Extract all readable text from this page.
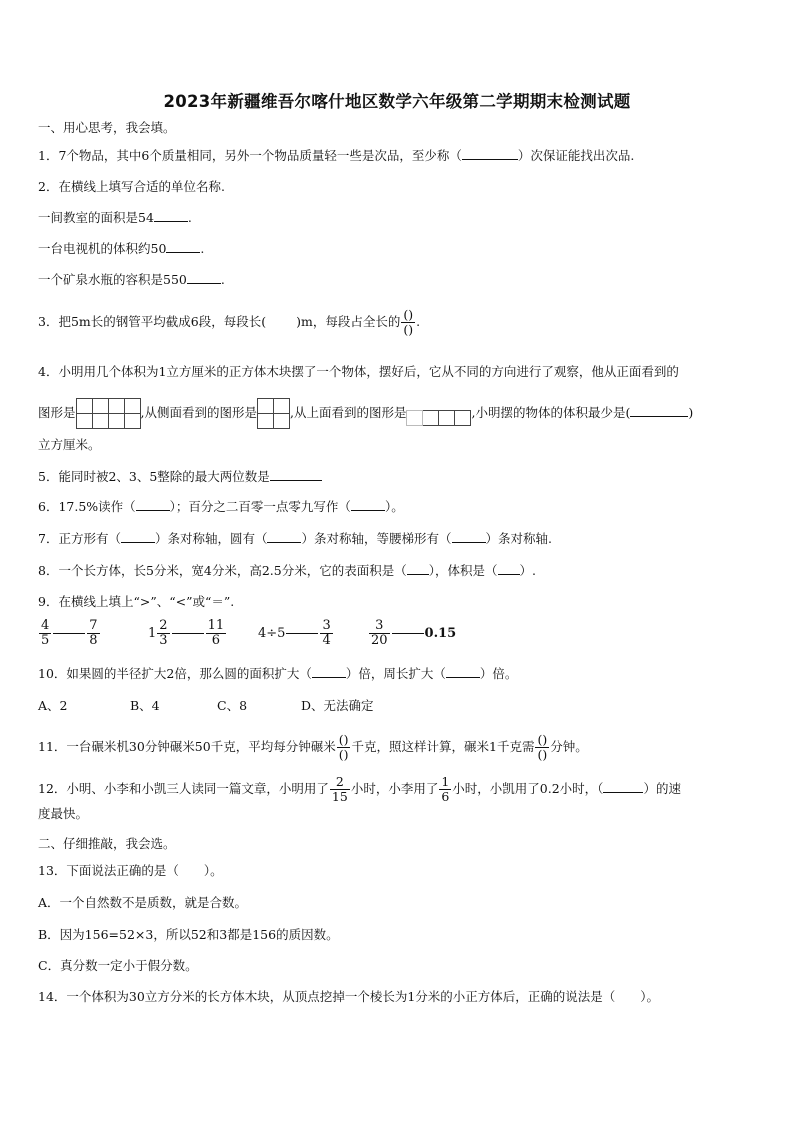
2023年新疆维吾尔喀什地区数学六年级第二学期期末检测试题
一、用心思考，我会填。
1．7个物品，其中6个质量相同，另外一个物品质量轻一些是次品，至少称（	）次保证能找出次品.
2．在横线上填写合适的单位名称.
一间教室的面积是54	.
一台电视机的体积约50	.
一个矿泉水瓶的容积是550	.
3．把5m长的钢管平均截成6段，每段长( )m，每段占全长的 $\frac{()}{()}$ .
4．小明用几个体积为1立方厘米的正方体木块摆了一个物体，摆好后，它从不同的方向进行了观察，他从正面看到的
图形是			
				,从侧面看到的图形是	
		,从上面看到的图形是				,小明摆的物体的体积最少是(	)
立方厘米。
5．能同时被2、3、5整除的最大两位数是
6．17.5%读作（	）；百分之二百零一点零九写作（	）。
7．正方形有（	）条对称轴，圆有（	）条对称轴，等腰梯形有（	）条对称轴.
8．一个长方体，长5分米，宽4分米，高2.5分米，它的表面积是（ ），体积是（ ）.
9．在横线上填上“>”、“<”或“＝”.
$\frac{4}{5}$	$\frac{7}{8}$	$1 \frac{2}{3}$	$\frac{11}{6} 4\div 5$	$\frac{3}{4}$	$\frac{3}{20}$	0.15
10．如果圆的半径扩大2倍，那么圆的面积扩大（	）倍，周长扩大（	）倍。
A、2	B、4	C、8	D、无法确定
11．一台碾米机30分钟碾米50千克，平均每分钟碾米 $\frac{()}{()}$ 千克，照这样计算，碾米1千克需 $\frac{()}{()}$ 分钟。
12．小明、小李和小凯三人读同一篇文章，小明用了 $\frac{2}{15}$ 小时，小李用了 $\frac{1}{6}$ 小时，小凯用了0.2小时，（	）的速
度最快。
二、仔细推敲，我会选。
13．下面说法正确的是（　　）。
A．一个自然数不是质数，就是合数。
B．因为156=52×3，所以52和3都是156的质因数。
C．真分数一定小于假分数。
14．一个体积为30立方分米的长方体木块，从顶点挖掉一个棱长为1分米的小正方体后，正确的说法是（　　）。
